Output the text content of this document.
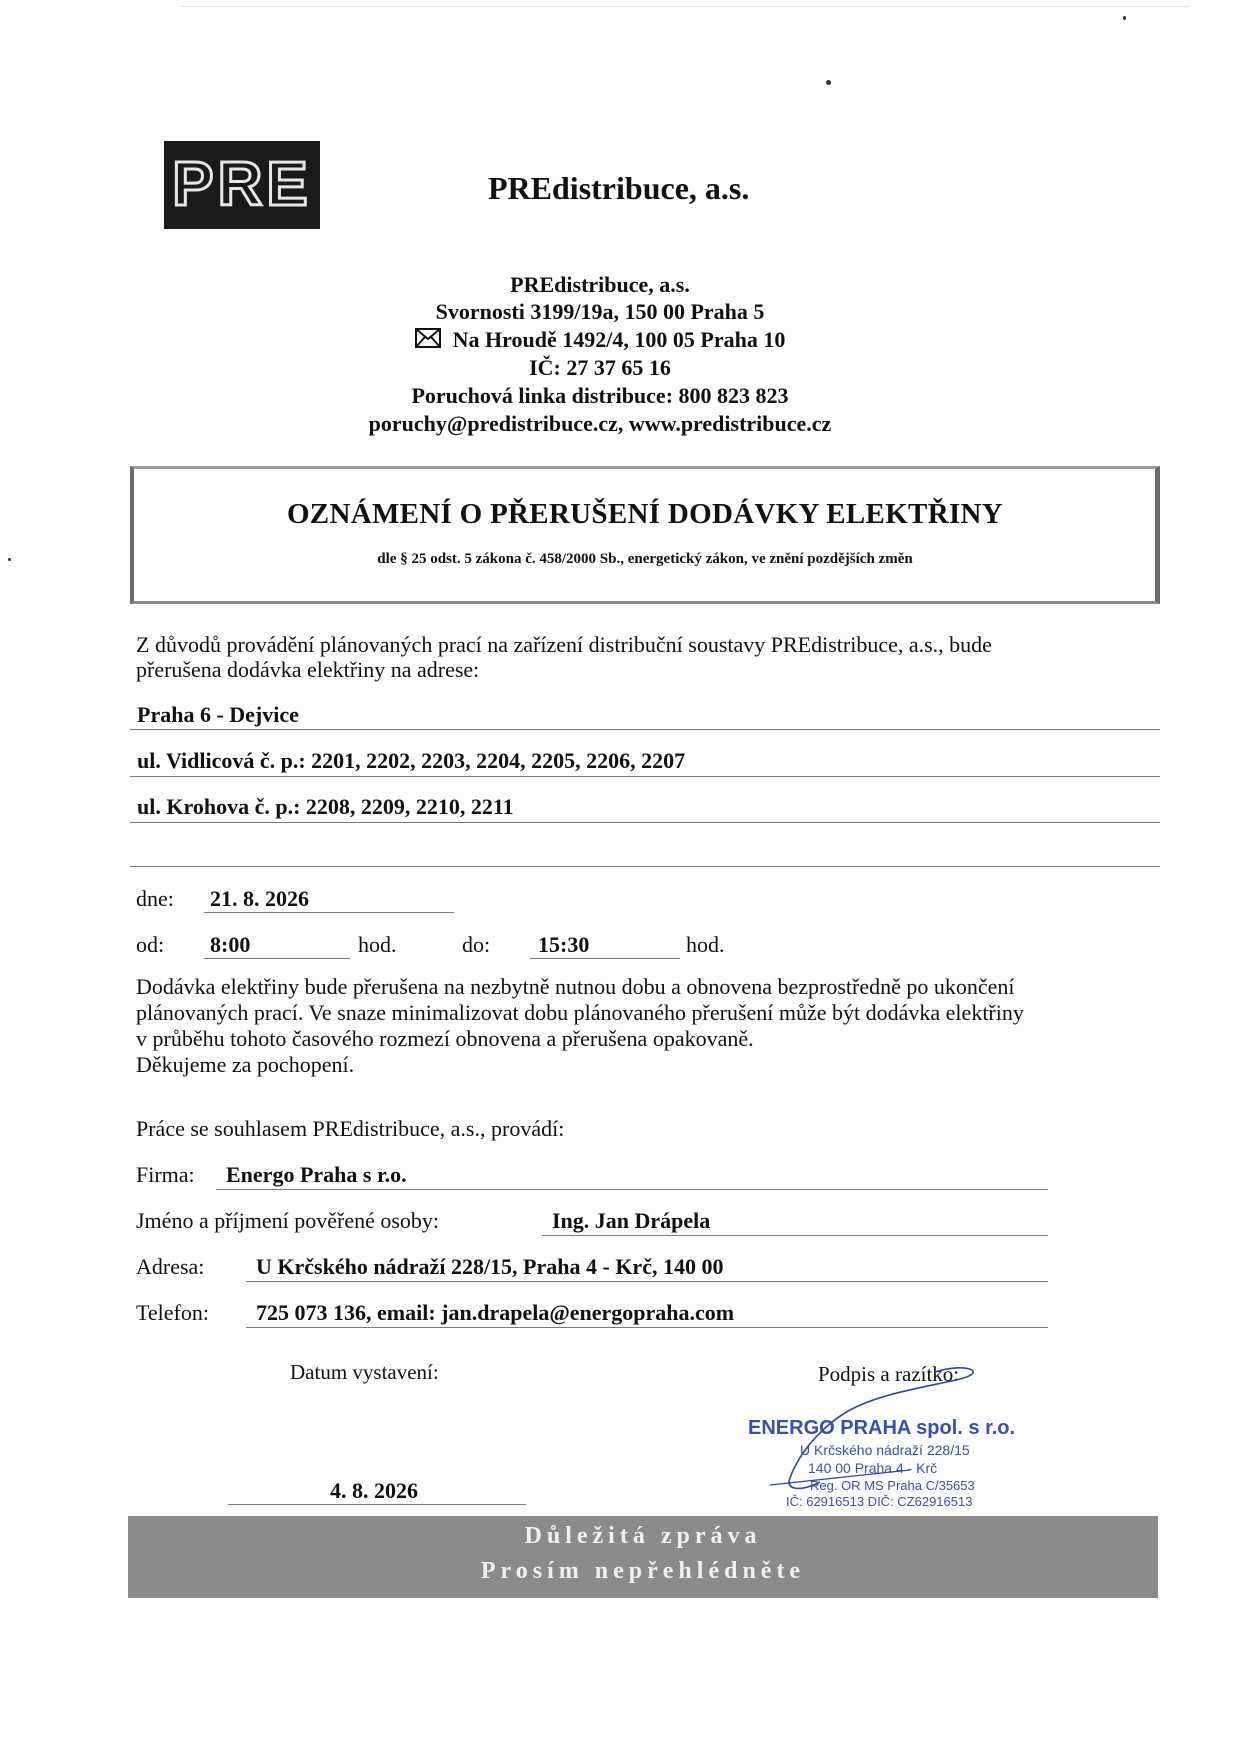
PRE	PREdistribuce, a.s.
PREdistribuce, a.s.
Svornosti 3199/19a, 150 00 Praha 5
Na Hroudě 1492/4, 100 05 Praha 10
IČ: 27 37 65 16
Poruchová linka distribuce: 800 823 823
poruchy@predistribuce.cz, www.predistribuce.cz
OZNÁMENÍ O PŘERUŠENÍ DODÁVKY ELEKTŘINY
dle § 25 odst. 5 zákona č. 458/2000 Sb., energetický zákon, ve znění pozdějších změn
Z důvodů provádění plánovaných prací na zařízení distribuční soustavy PREdistribuce, a.s., bude
přerušena dodávka elektřiny na adrese:
Praha 6 - Dejvice
ul. Vidlicová č. p.: 2201, 2202, 2203, 2204, 2205, 2206, 2207
ul. Krohova č. p.: 2208, 2209, 2210, 2211
dne: 21. 8. 2026
od: 8:00	hod.	do: 15:30	hod.
Dodávka elektřiny bude přerušena na nezbytně nutnou dobu a obnovena bezprostředně po ukončení
plánovaných prací. Ve snaze minimalizovat dobu plánovaného přerušení může být dodávka elektřiny
v průběhu tohoto časového rozmezí obnovena a přerušena opakovaně.
Děkujeme za pochopení.
Práce se souhlasem PREdistribuce, a.s., provádí:
Firma: Energo Praha s r.o.
Jméno a příjmení pověřené osoby:	Ing. Jan Drápela
Adresa: U Krčského nádraží 228/15, Praha 4 - Krč, 140 00
Telefon: 725 073 136, email: jan.drapela@energopraha.com
Datum vystavení:
4. 8. 2026
Podpis a razítko:
ENERGO PRAHA spol. s r.o.
U Krčského nádraží 228/15
140 00 Praha 4 - Krč
Reg. OR MS Praha C/35653
IČ: 62916513 DIČ: CZ62916513
Důležitá zpráva
Prosím nepřehlédněte
